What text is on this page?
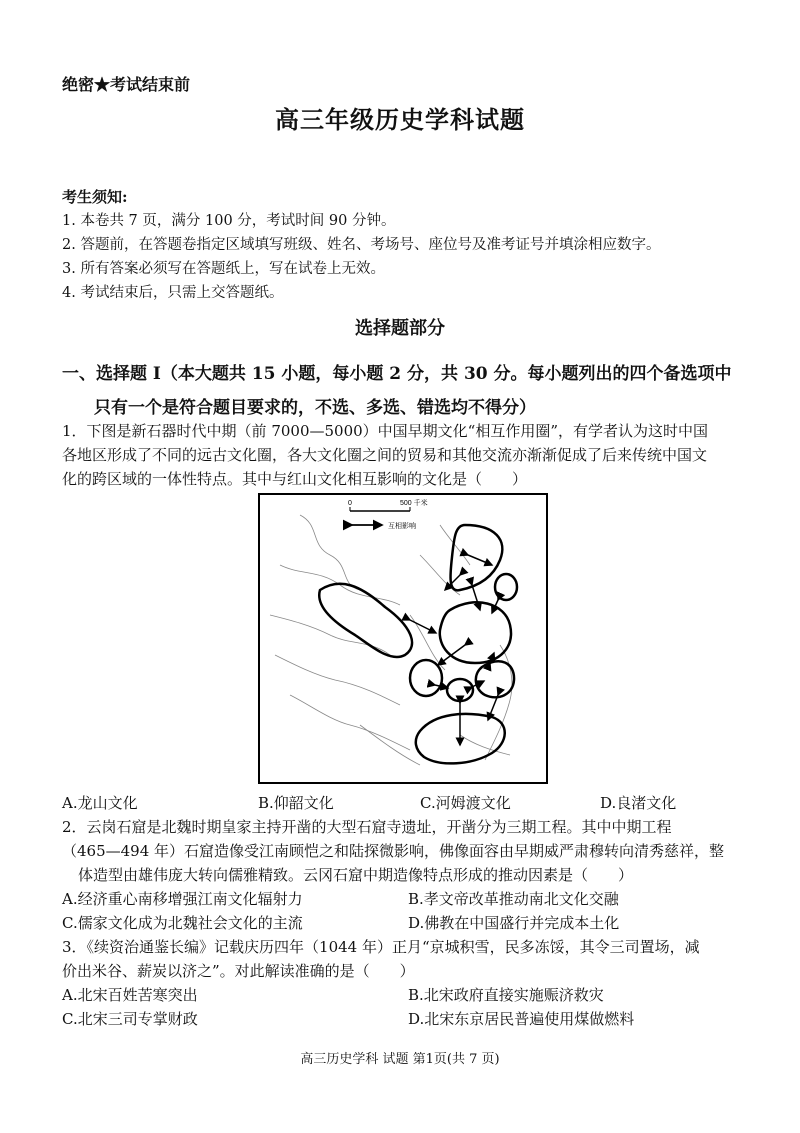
绝密★考试结束前
高三年级历史学科试题
考生须知:
1. 本卷共 7 页，满分 100 分，考试时间 90 分钟。
2. 答题前，在答题卷指定区域填写班级、姓名、考场号、座位号及准考证号并填涂相应数字。
3. 所有答案必须写在答题纸上，写在试卷上无效。
4. 考试结束后，只需上交答题纸。
选择题部分
一、选择题 I（本大题共 15 小题，每小题 2 分，共 30 分。每小题列出的四个备选项中
只有一个是符合题目要求的，不选、多选、错选均不得分）
1．下图是新石器时代中期（前 7000—5000）中国早期文化“相互作用圈”，有学者认为这时中国
各地区形成了不同的远古文化圈，各大文化圈之间的贸易和其他交流亦渐渐促成了后来传统中国文
化的跨区域的一体性特点。其中与红山文化相互影响的文化是（　　）
0	500 千米
互相影响
A.龙山文化	B.仰韶文化	C.河姆渡文化	D.良渚文化
2．云岗石窟是北魏时期皇家主持开凿的大型石窟寺遗址，开凿分为三期工程。其中中期工程
（465—494 年）石窟造像受江南顾恺之和陆探微影响，佛像面容由早期威严肃穆转向清秀慈祥，整
体造型由雄伟庞大转向儒雅精致。云冈石窟中期造像特点形成的推动因素是（　　）
A.经济重心南移增强江南文化辐射力	B.孝文帝改革推动南北文化交融
C.儒家文化成为北魏社会文化的主流	D.佛教在中国盛行并完成本土化
3．《续资治通鉴长编》记载庆历四年（1044 年）正月“京城积雪，民多冻馁，其令三司置场，减
价出米谷、薪炭以济之”。对此解读准确的是（　　）
A.北宋百姓苦寒突出	B.北宋政府直接实施赈济救灾
C.北宋三司专掌财政	D.北宋东京居民普遍使用煤做燃料
高三历史学科 试题 第1页(共 7 页)
